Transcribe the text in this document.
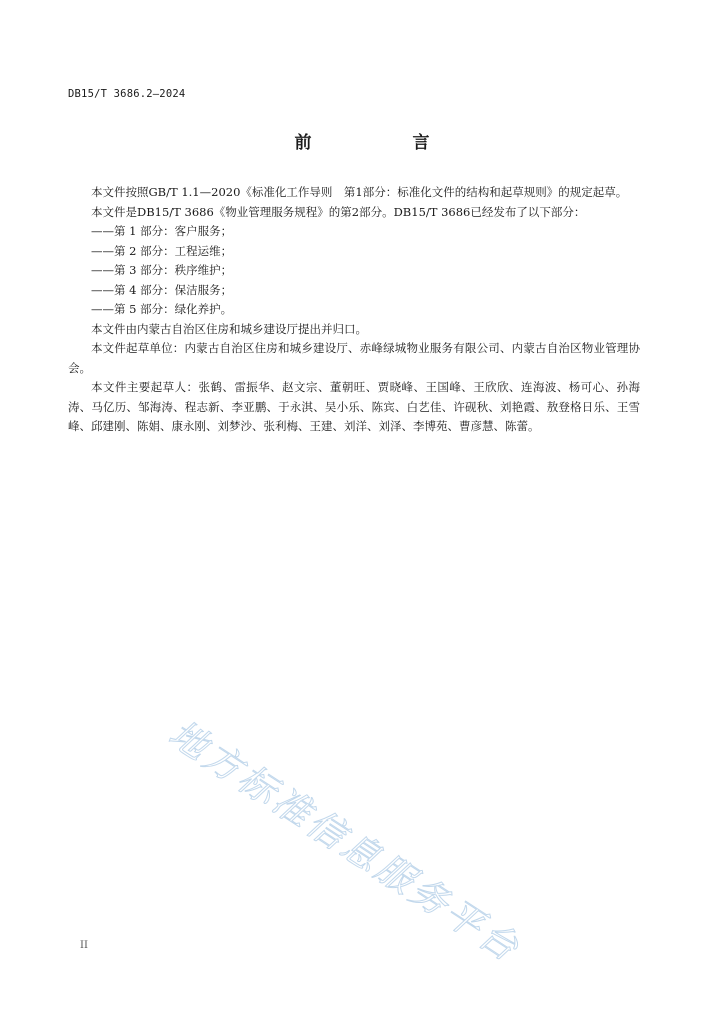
DB15/T 3686.2—2024
前　言

本文件按照GB/T 1.1—2020《标准化工作导则　第1部分：标准化文件的结构和起草规则》的规定起草。

本文件是DB15/T 3686《物业管理服务规程》的第2部分。DB15/T 3686已经发布了以下部分：

——第 1 部分：客户服务；

——第 2 部分：工程运维；

——第 3 部分：秩序维护；

——第 4 部分：保洁服务；

——第 5 部分：绿化养护。

本文件由内蒙古自治区住房和城乡建设厅提出并归口。

本文件起草单位：内蒙古自治区住房和城乡建设厅、赤峰绿城物业服务有限公司、内蒙古自治区物业管理协会。

本文件主要起草人：张鹤、雷振华、赵文宗、董朝旺、贾晓峰、王国峰、王欣欣、连海波、杨可心、孙海涛、马亿历、邹海涛、程志新、李亚鹏、于永淇、吴小乐、陈宾、白艺佳、许砚秋、刘艳霞、敖登格日乐、王雪峰、邱建刚、陈娟、康永刚、刘梦沙、张利梅、王建、刘洋、刘泽、李博苑、曹彦慧、陈蕾。

地方标准信息服务平台
II
